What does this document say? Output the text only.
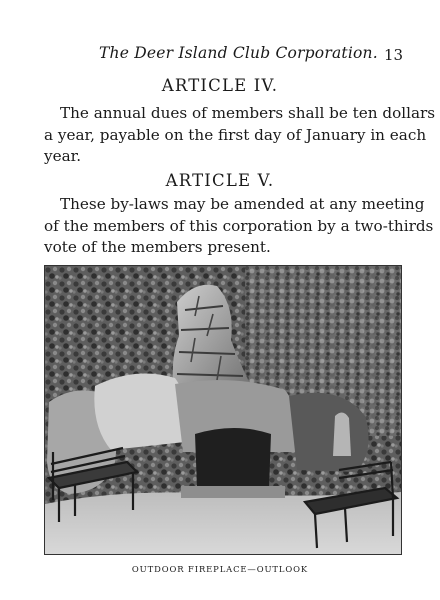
The Deer Island Club Corporation. 13
ARTICLE IV.

The annual dues of members shall be ten dollars
a year, payable on the first day of January in each
year.

ARTICLE V.

These by-laws may be amended at any meeting
of the members of this corporation by a two-thirds
vote of the members present.

OUTDOOR FIREPLACE—OUTLOOK
